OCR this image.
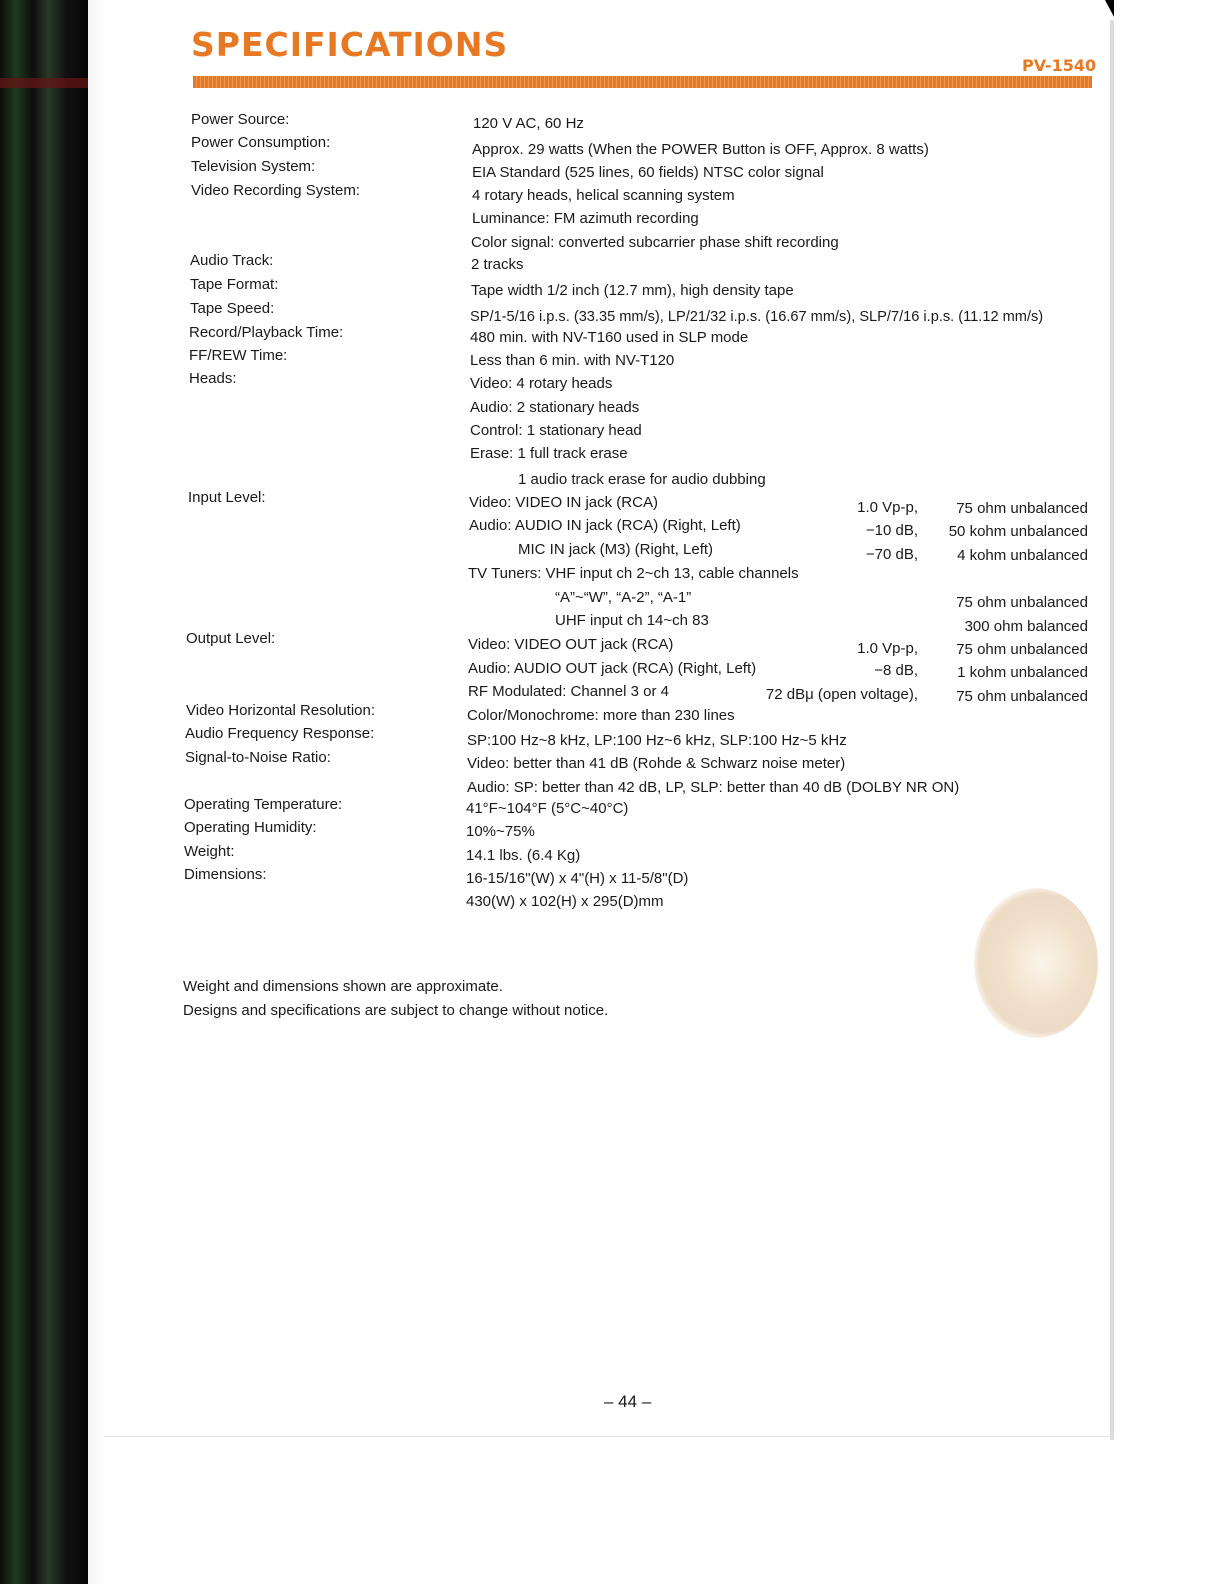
SPECIFICATIONS
PV-1540
Power Source:
Power Consumption:
Television System:
Video Recording System:
Audio Track:
Tape Format:
Tape Speed:
Record/Playback Time:
FF/REW Time:
Heads:
Input Level:
Output Level:
Video Horizontal Resolution:
Audio Frequency Response:
Signal-to-Noise Ratio:
Operating Temperature:
Operating Humidity:
Weight:
Dimensions:
120 V AC, 60 Hz
Approx. 29 watts (When the POWER Button is OFF, Approx. 8 watts)
EIA Standard (525 lines, 60 fields) NTSC color signal
4 rotary heads, helical scanning system
Luminance: FM azimuth recording
Color signal: converted subcarrier phase shift recording
2 tracks
Tape width 1/2 inch (12.7 mm), high density tape
SP/1-5/16 i.p.s. (33.35 mm/s), LP/21/32 i.p.s. (16.67 mm/s), SLP/7/16 i.p.s. (11.12 mm/s)
480 min. with NV-T160 used in SLP mode
Less than 6 min. with NV-T120
Video: 4 rotary heads
Audio: 2 stationary heads
Control: 1 stationary head
Erase: 1 full track erase
1 audio track erase for audio dubbing
Video: VIDEO IN jack (RCA)
Audio: AUDIO IN jack (RCA) (Right, Left)
MIC IN jack (M3) (Right, Left)
TV Tuners: VHF input ch 2~ch 13, cable channels
“A”~“W”, “A-2”, “A-1”
UHF input ch 14~ch 83
Video: VIDEO OUT jack (RCA)
Audio: AUDIO OUT jack (RCA) (Right, Left)
RF Modulated: Channel 3 or 4
Color/Monochrome: more than 230 lines
SP:100 Hz~8 kHz, LP:100 Hz~6 kHz, SLP:100 Hz~5 kHz
Video: better than 41 dB (Rohde & Schwarz noise meter)
Audio: SP: better than 42 dB, LP, SLP: better than 40 dB (DOLBY NR ON)
41°F~104°F (5°C~40°C)
10%~75%
14.1 lbs. (6.4 Kg)
16-15/16"(W) x 4"(H) x 11-5/8"(D)
430(W) x 102(H) x 295(D)mm
1.0 Vp-p,
−10 dB,
−70 dB,
1.0 Vp-p,
−8 dB,
72 dBμ (open voltage),
75 ohm unbalanced
50 kohm unbalanced
4 kohm unbalanced
75 ohm unbalanced
300 ohm balanced
75 ohm unbalanced
1 kohm unbalanced
75 ohm unbalanced
Weight and dimensions shown are approximate.
Designs and specifications are subject to change without notice.
– 44 –
